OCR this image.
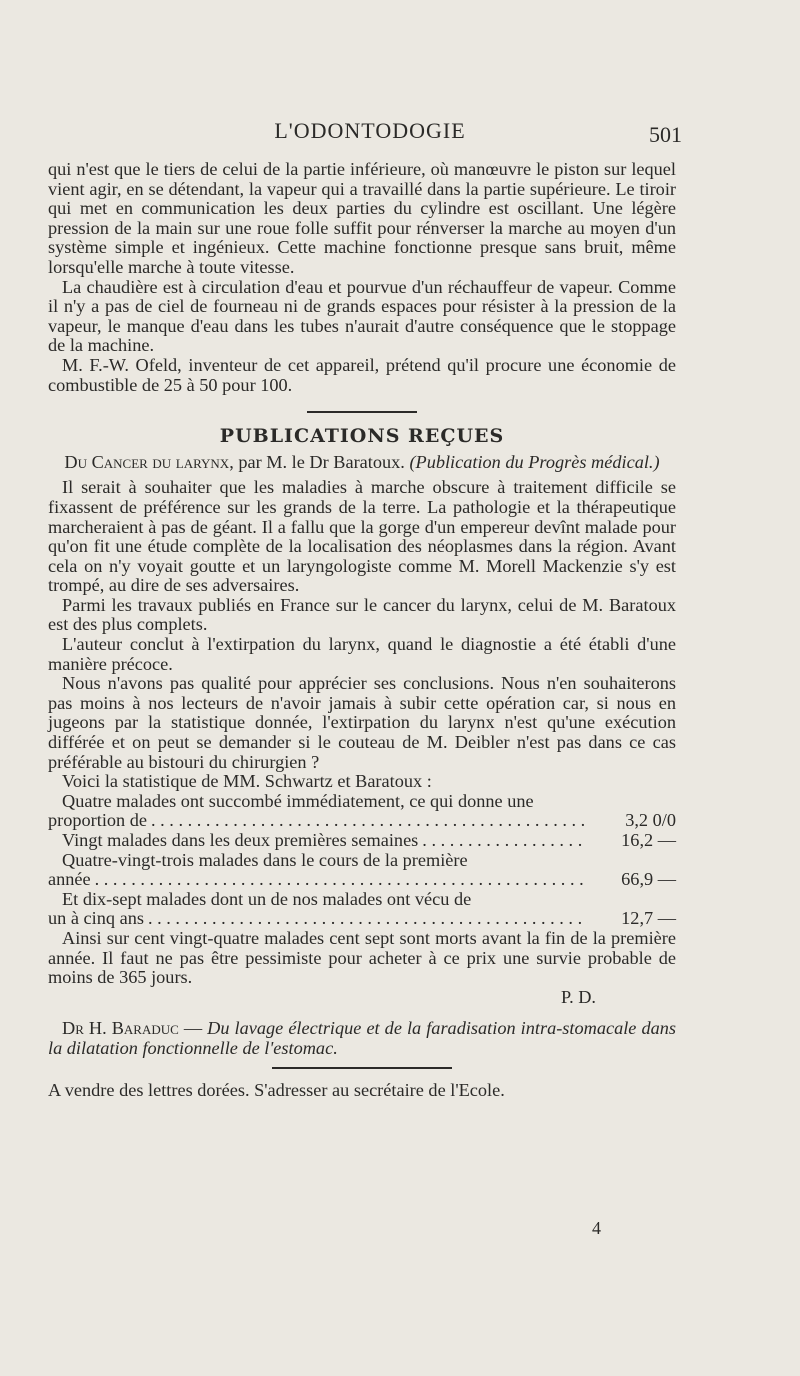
L'ODONTODOGIE	501

qui n'est que le tiers de celui de la partie inférieure, où manœuvre le piston sur lequel vient agir, en se détendant, la vapeur qui a travaillé dans la partie supérieure. Le tiroir qui met en communication les deux parties du cylindre est oscillant. Une légère pression de la main sur une roue folle suffit pour rénverser la marche au moyen d'un système simple et ingénieux. Cette machine fonctionne presque sans bruit, même lorsqu'elle marche à toute vitesse.

La chaudière est à circulation d'eau et pourvue d'un réchauffeur de vapeur. Comme il n'y a pas de ciel de fourneau ni de grands espaces pour résister à la pression de la vapeur, le manque d'eau dans les tubes n'aurait d'autre conséquence que le stoppage de la machine.

M. F.-W. Ofeld, inventeur de cet appareil, prétend qu'il procure une économie de combustible de 25 à 50 pour 100.

PUBLICATIONS REÇUES

Du Cancer du larynx, par M. le Dr Baratoux. (Publication du Progrès médical.)

Il serait à souhaiter que les maladies à marche obscure à traitement difficile se fixassent de préférence sur les grands de la terre. La pathologie et la thérapeutique marcheraient à pas de géant. Il a fallu que la gorge d'un empereur devînt malade pour qu'on fit une étude complète de la localisation des néoplasmes dans la région. Avant cela on n'y voyait goutte et un laryngologiste comme M. Morell Mackenzie s'y est trompé, au dire de ses adversaires.

Parmi les travaux publiés en France sur le cancer du larynx, celui de M. Baratoux est des plus complets.

L'auteur conclut à l'extirpation du larynx, quand le diagnostie a été établi d'une manière précoce.

Nous n'avons pas qualité pour apprécier ses conclusions. Nous n'en souhaiterons pas moins à nos lecteurs de n'avoir jamais à subir cette opération car, si nous en jugeons par la statistique donnée, l'extirpation du larynx n'est qu'une exécution différée et on peut se demander si le couteau de M. Deibler n'est pas dans ce cas préférable au bistouri du chirurgien ?

Voici la statistique de MM. Schwartz et Baratoux :

Quatre malades ont succombé immédiatement, ce qui donne une

proportion de . . .	3,2 0/0
Vingt malades dans les deux premières semaines . . .	16,2 —

Quatre-vingt-trois malades dans le cours de la première

année . . .	66,9 —

Et dix-sept malades dont un de nos malades ont vécu de

un à cinq ans . . .	12,7 —

Ainsi sur cent vingt-quatre malades cent sept sont morts avant la fin de la première année. Il faut ne pas être pessimiste pour acheter à ce prix une survie probable de moins de 365 jours.

P. D.

Dr H. Baraduc — Du lavage électrique et de la faradisation intra-stomacale dans la dilatation fonctionnelle de l'estomac.

A vendre des lettres dorées. S'adresser au secrétaire de l'Ecole.

4
